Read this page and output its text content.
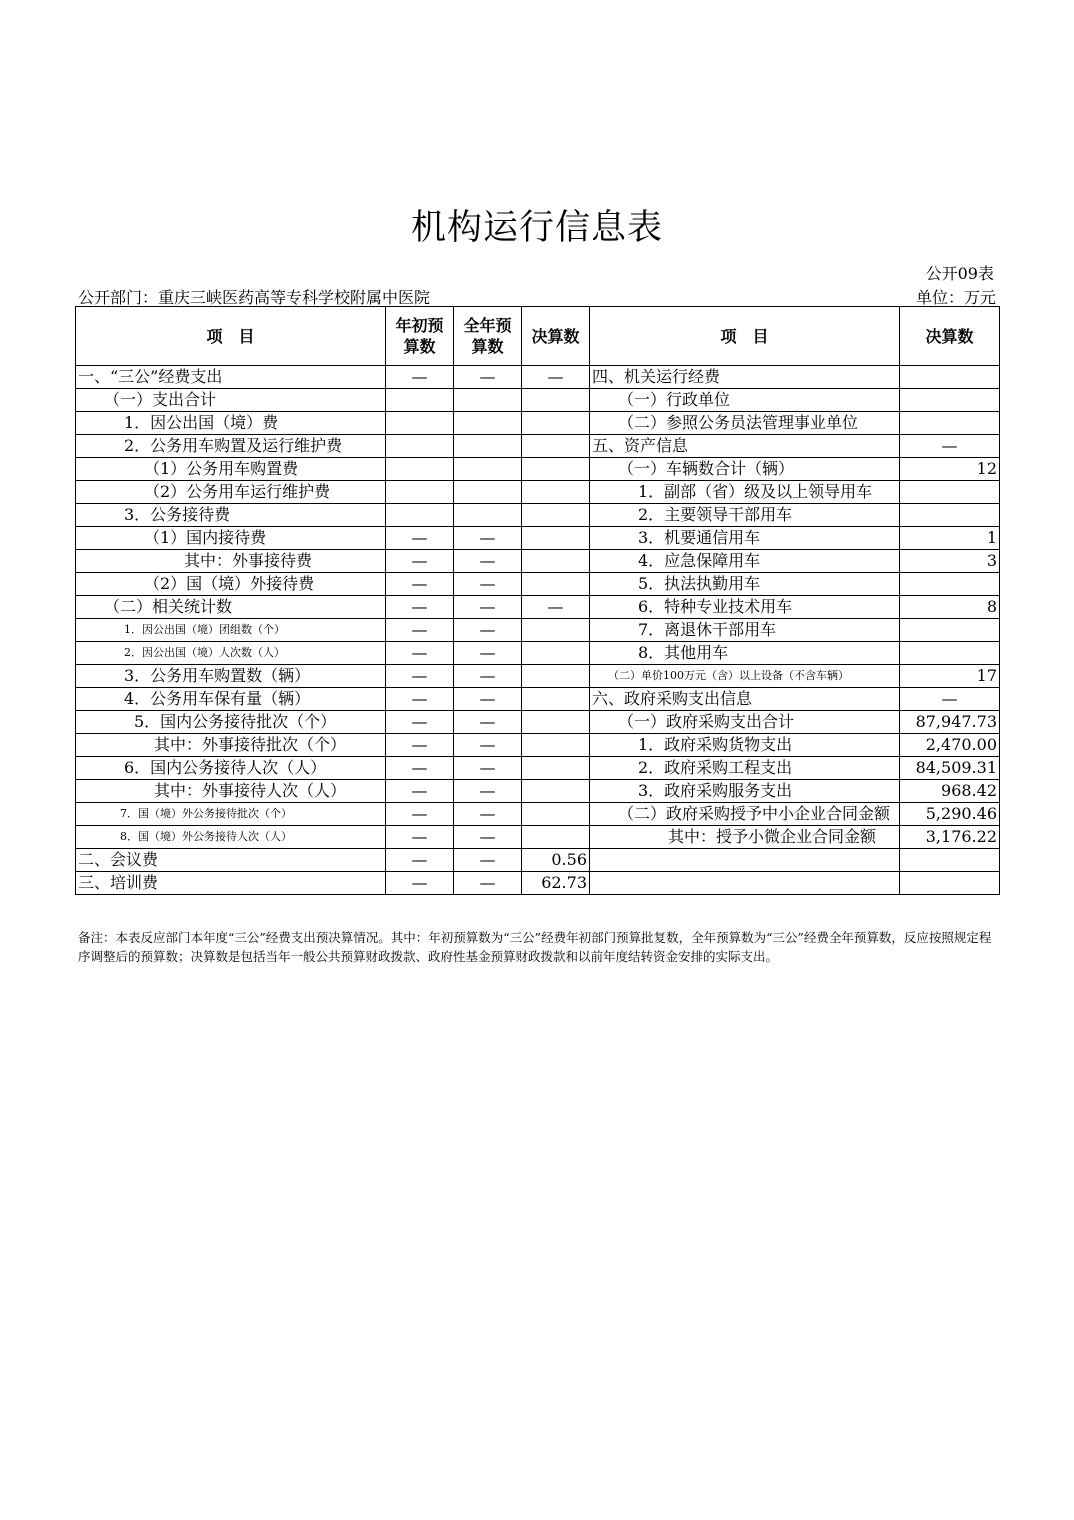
机构运行信息表
公开09表
公开部门：重庆三峡医药高等专科学校附属中医院	单位：万元
项　目	年初预算数	全年预算数	决算数	项　目	决算数
一、“三公”经费支出	—	—	—	四、机关运行经费	
（一）支出合计				（一）行政单位	
1．因公出国（境）费				（二）参照公务员法管理事业单位	
2．公务用车购置及运行维护费				五、资产信息	—
（1）公务用车购置费				（一）车辆数合计（辆）	12
（2）公务用车运行维护费				1．副部（省）级及以上领导用车	
3．公务接待费				2．主要领导干部用车	
（1）国内接待费	—	—		3．机要通信用车	1
其中：外事接待费	—	—		4．应急保障用车	3
（2）国（境）外接待费	—	—		5．执法执勤用车	
（二）相关统计数	—	—	—	6．特种专业技术用车	8
1．因公出国（境）团组数（个）	—	—		7．离退休干部用车	
2．因公出国（境）人次数（人）	—	—		8．其他用车	
3．公务用车购置数（辆）	—	—		（二）单价100万元（含）以上设备（不含车辆）	17
4．公务用车保有量（辆）	—	—		六、政府采购支出信息	—
5．国内公务接待批次（个）	—	—		（一）政府采购支出合计	87,947.73
其中：外事接待批次（个）	—	—		1．政府采购货物支出	2,470.00
6．国内公务接待人次（人）	—	—		2．政府采购工程支出	84,509.31
其中：外事接待人次（人）	—	—		3．政府采购服务支出	968.42
7．国（境）外公务接待批次（个）	—	—		（二）政府采购授予中小企业合同金额	5,290.46
8．国（境）外公务接待人次（人）	—	—		其中：授予小微企业合同金额	3,176.22
二、会议费	—	—	0.56		
三、培训费	—	—	62.73		
备注：本表反应部门本年度“三公”经费支出预决算情况。其中：年初预算数为“三公”经费年初部门预算批复数，全年预算数为“三公”经费全年预算数，反应按照规定程序调整后的预算数；决算数是包括当年一般公共预算财政拨款、政府性基金预算财政拨款和以前年度结转资金安排的实际支出。
